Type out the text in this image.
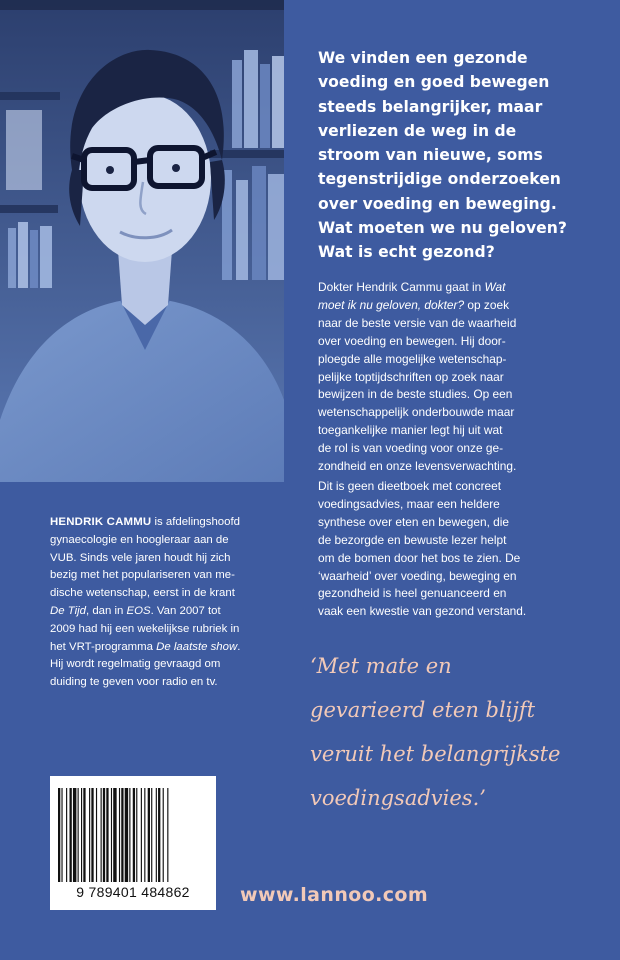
We vinden een gezonde
voeding en goed bewegen
steeds belangrijker, maar
verliezen de weg in de
stroom van nieuwe, soms
tegenstrijdige onderzoeken
over voeding en beweging.
Wat moeten we nu geloven?
Wat is echt gezond?
Dokter Hendrik Cammu gaat in Wat
moet ik nu geloven, dokter? op zoek
naar de beste versie van de waarheid
over voeding en bewegen. Hij door-
ploegde alle mogelijke wetenschap-
pelijke toptijdschriften op zoek naar
bewijzen in de beste studies. Op een
wetenschappelijk onderbouwde maar
toegankelijke manier legt hij uit wat
de rol is van voeding voor onze ge-
zondheid en onze levensverwachting.
Dit is geen dieetboek met concreet
voedingsadvies, maar een heldere
synthese over eten en bewegen, die
de bezorgde en bewuste lezer helpt
om de bomen door het bos te zien. De
‘waarheid’ over voeding, beweging en
gezondheid is heel genuanceerd en
vaak een kwestie van gezond verstand.
HENDRIK CAMMU is afdelingshoofd
gynaecologie en hoogleraar aan de
VUB. Sinds vele jaren houdt hij zich
bezig met het populariseren van me-
dische wetenschap, eerst in de krant
De Tijd, dan in EOS. Van 2007 tot
2009 had hij een wekelijkse rubriek in
het VRT-programma De laatste show.
Hij wordt regelmatig gevraagd om
duiding te geven voor radio en tv.
‘Met mate en
gevarieerd eten blijft
veruit het belangrijkste
voedingsadvies.’
9 789401 484862	www.lannoo.com
